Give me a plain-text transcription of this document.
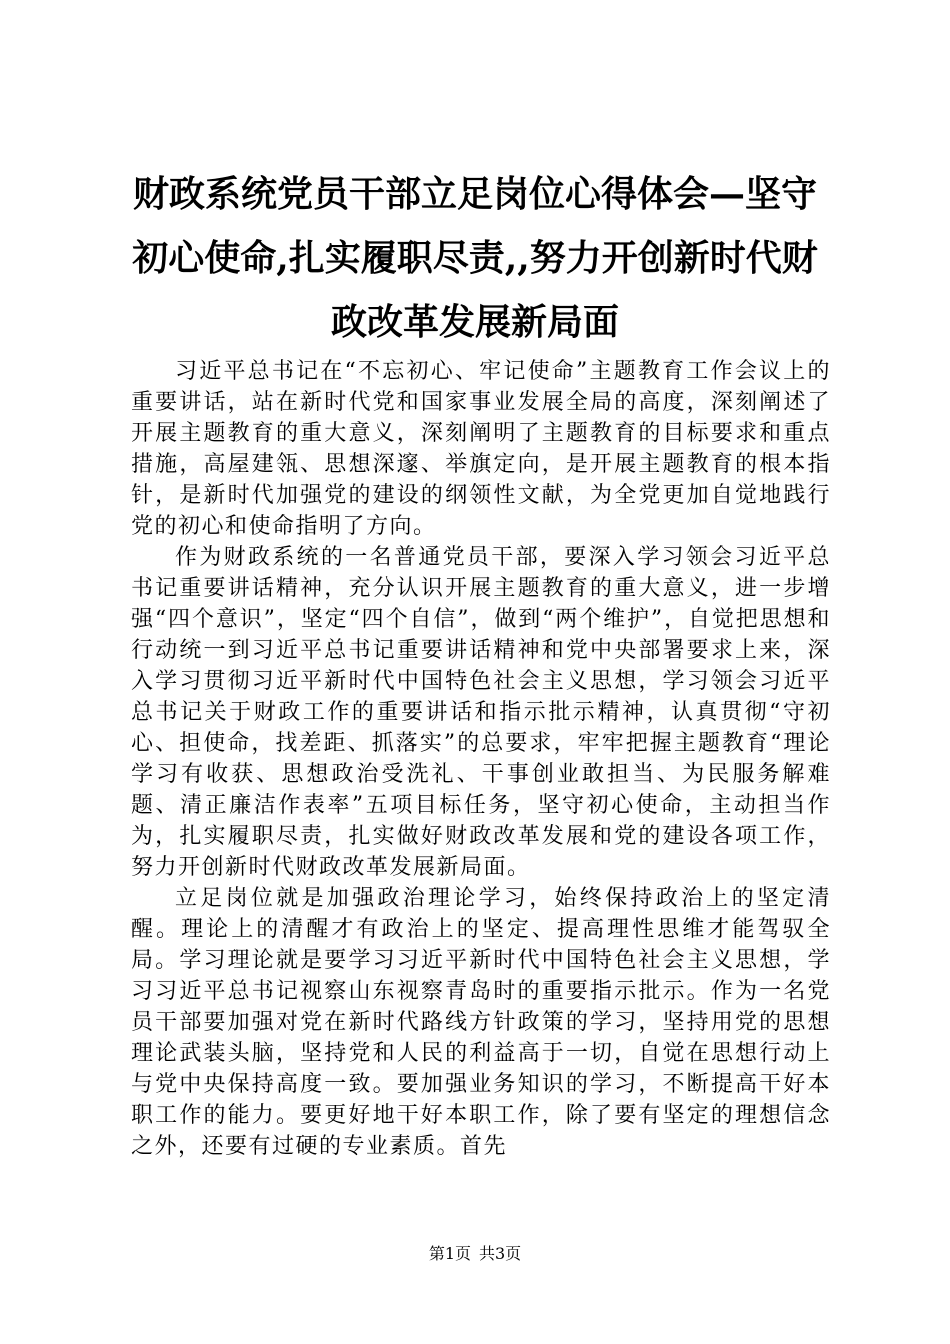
财政系统党员干部立足岗位心得体会—坚守初心使命,扎实履职尽责,,努力开创新时代财政改革发展新局面

习近平总书记在“不忘初心、牢记使命”主题教育工作会议上的重要讲话，站在新时代党和国家事业发展全局的高度，深刻阐述了开展主题教育的重大意义，深刻阐明了主题教育的目标要求和重点措施，高屋建瓴、思想深邃、举旗定向，是开展主题教育的根本指针，是新时代加强党的建设的纲领性文献，为全党更加自觉地践行党的初心和使命指明了方向。

作为财政系统的一名普通党员干部，要深入学习领会习近平总书记重要讲话精神，充分认识开展主题教育的重大意义，进一步增强“四个意识”，坚定“四个自信”，做到“两个维护”，自觉把思想和行动统一到习近平总书记重要讲话精神和党中央部署要求上来，深入学习贯彻习近平新时代中国特色社会主义思想，学习领会习近平总书记关于财政工作的重要讲话和指示批示精神，认真贯彻“守初心、担使命，找差距、抓落实”的总要求，牢牢把握主题教育“理论学习有收获、思想政治受洗礼、干事创业敢担当、为民服务解难题、清正廉洁作表率”五项目标任务，坚守初心使命，主动担当作为，扎实履职尽责，扎实做好财政改革发展和党的建设各项工作，努力开创新时代财政改革发展新局面。

立足岗位就是加强政治理论学习，始终保持政治上的坚定清醒。理论上的清醒才有政治上的坚定、提高理性思维才能驾驭全局。学习理论就是要学习习近平新时代中国特色社会主义思想，学习习近平总书记视察山东视察青岛时的重要指示批示。作为一名党员干部要加强对党在新时代路线方针政策的学习，坚持用党的思想理论武装头脑，坚持党和人民的利益高于一切，自觉在思想行动上与党中央保持高度一致。要加强业务知识的学习，不断提高干好本职工作的能力。要更好地干好本职工作，除了要有坚定的理想信念之外，还要有过硬的专业素质。首先

第1页 共3页
